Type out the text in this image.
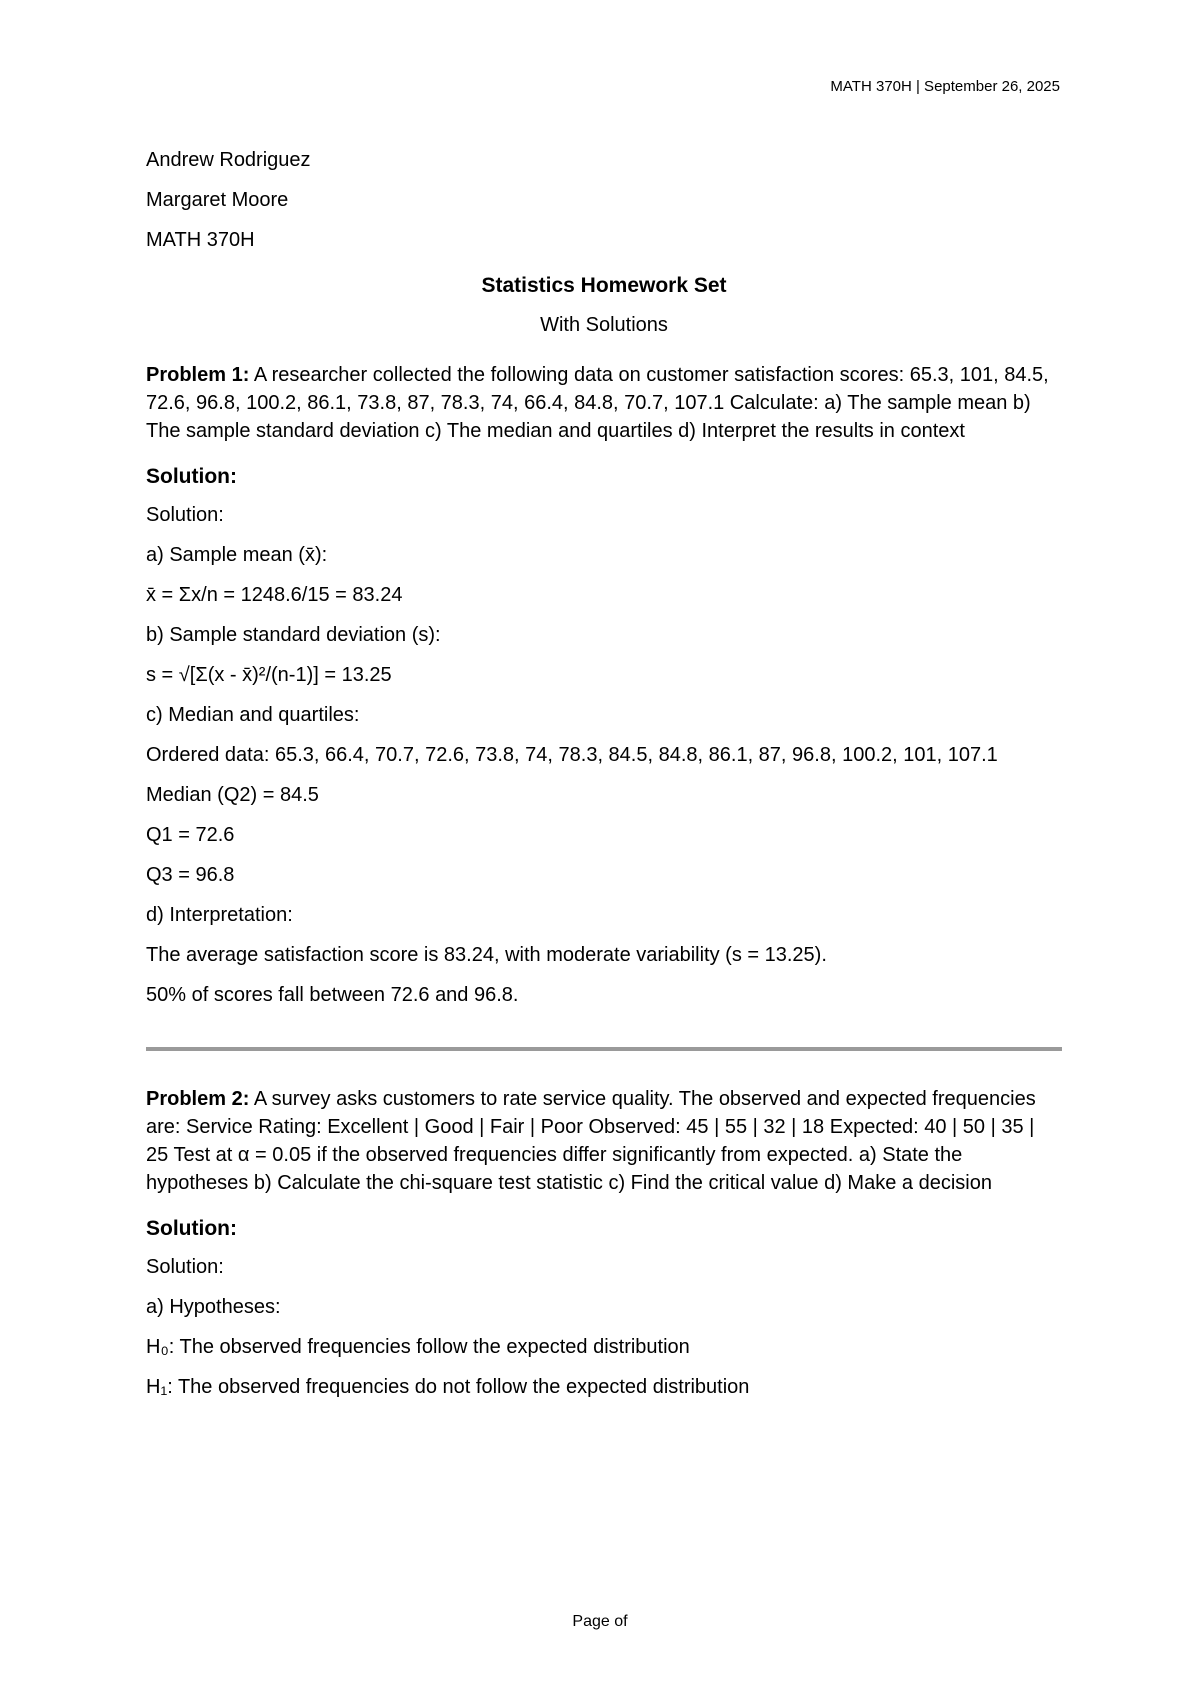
MATH 370H | September 26, 2025
Andrew Rodriguez
Margaret Moore
MATH 370H
Statistics Homework Set
With Solutions
Problem 1: A researcher collected the following data on customer satisfaction scores: 65.3, 101, 84.5, 72.6, 96.8, 100.2, 86.1, 73.8, 87, 78.3, 74, 66.4, 84.8, 70.7, 107.1 Calculate: a) The sample mean b) The sample standard deviation c) The median and quartiles d) Interpret the results in context
Solution:
Solution:
a) Sample mean (x̄):
x̄ = Σx/n = 1248.6/15 = 83.24
b) Sample standard deviation (s):
s = √[Σ(x - x̄)²/(n-1)] = 13.25
c) Median and quartiles:
Ordered data: 65.3, 66.4, 70.7, 72.6, 73.8, 74, 78.3, 84.5, 84.8, 86.1, 87, 96.8, 100.2, 101, 107.1
Median (Q2) = 84.5
Q1 = 72.6
Q3 = 96.8
d) Interpretation:
The average satisfaction score is 83.24, with moderate variability (s = 13.25).
50% of scores fall between 72.6 and 96.8.
Problem 2: A survey asks customers to rate service quality. The observed and expected frequencies are: Service Rating: Excellent | Good | Fair | Poor Observed: 45 | 55 | 32 | 18 Expected: 40 | 50 | 35 | 25 Test at α = 0.05 if the observed frequencies differ significantly from expected. a) State the hypotheses b) Calculate the chi-square test statistic c) Find the critical value d) Make a decision
Solution:
Solution:
a) Hypotheses:
H₀: The observed frequencies follow the expected distribution
H₁: The observed frequencies do not follow the expected distribution
Page of
